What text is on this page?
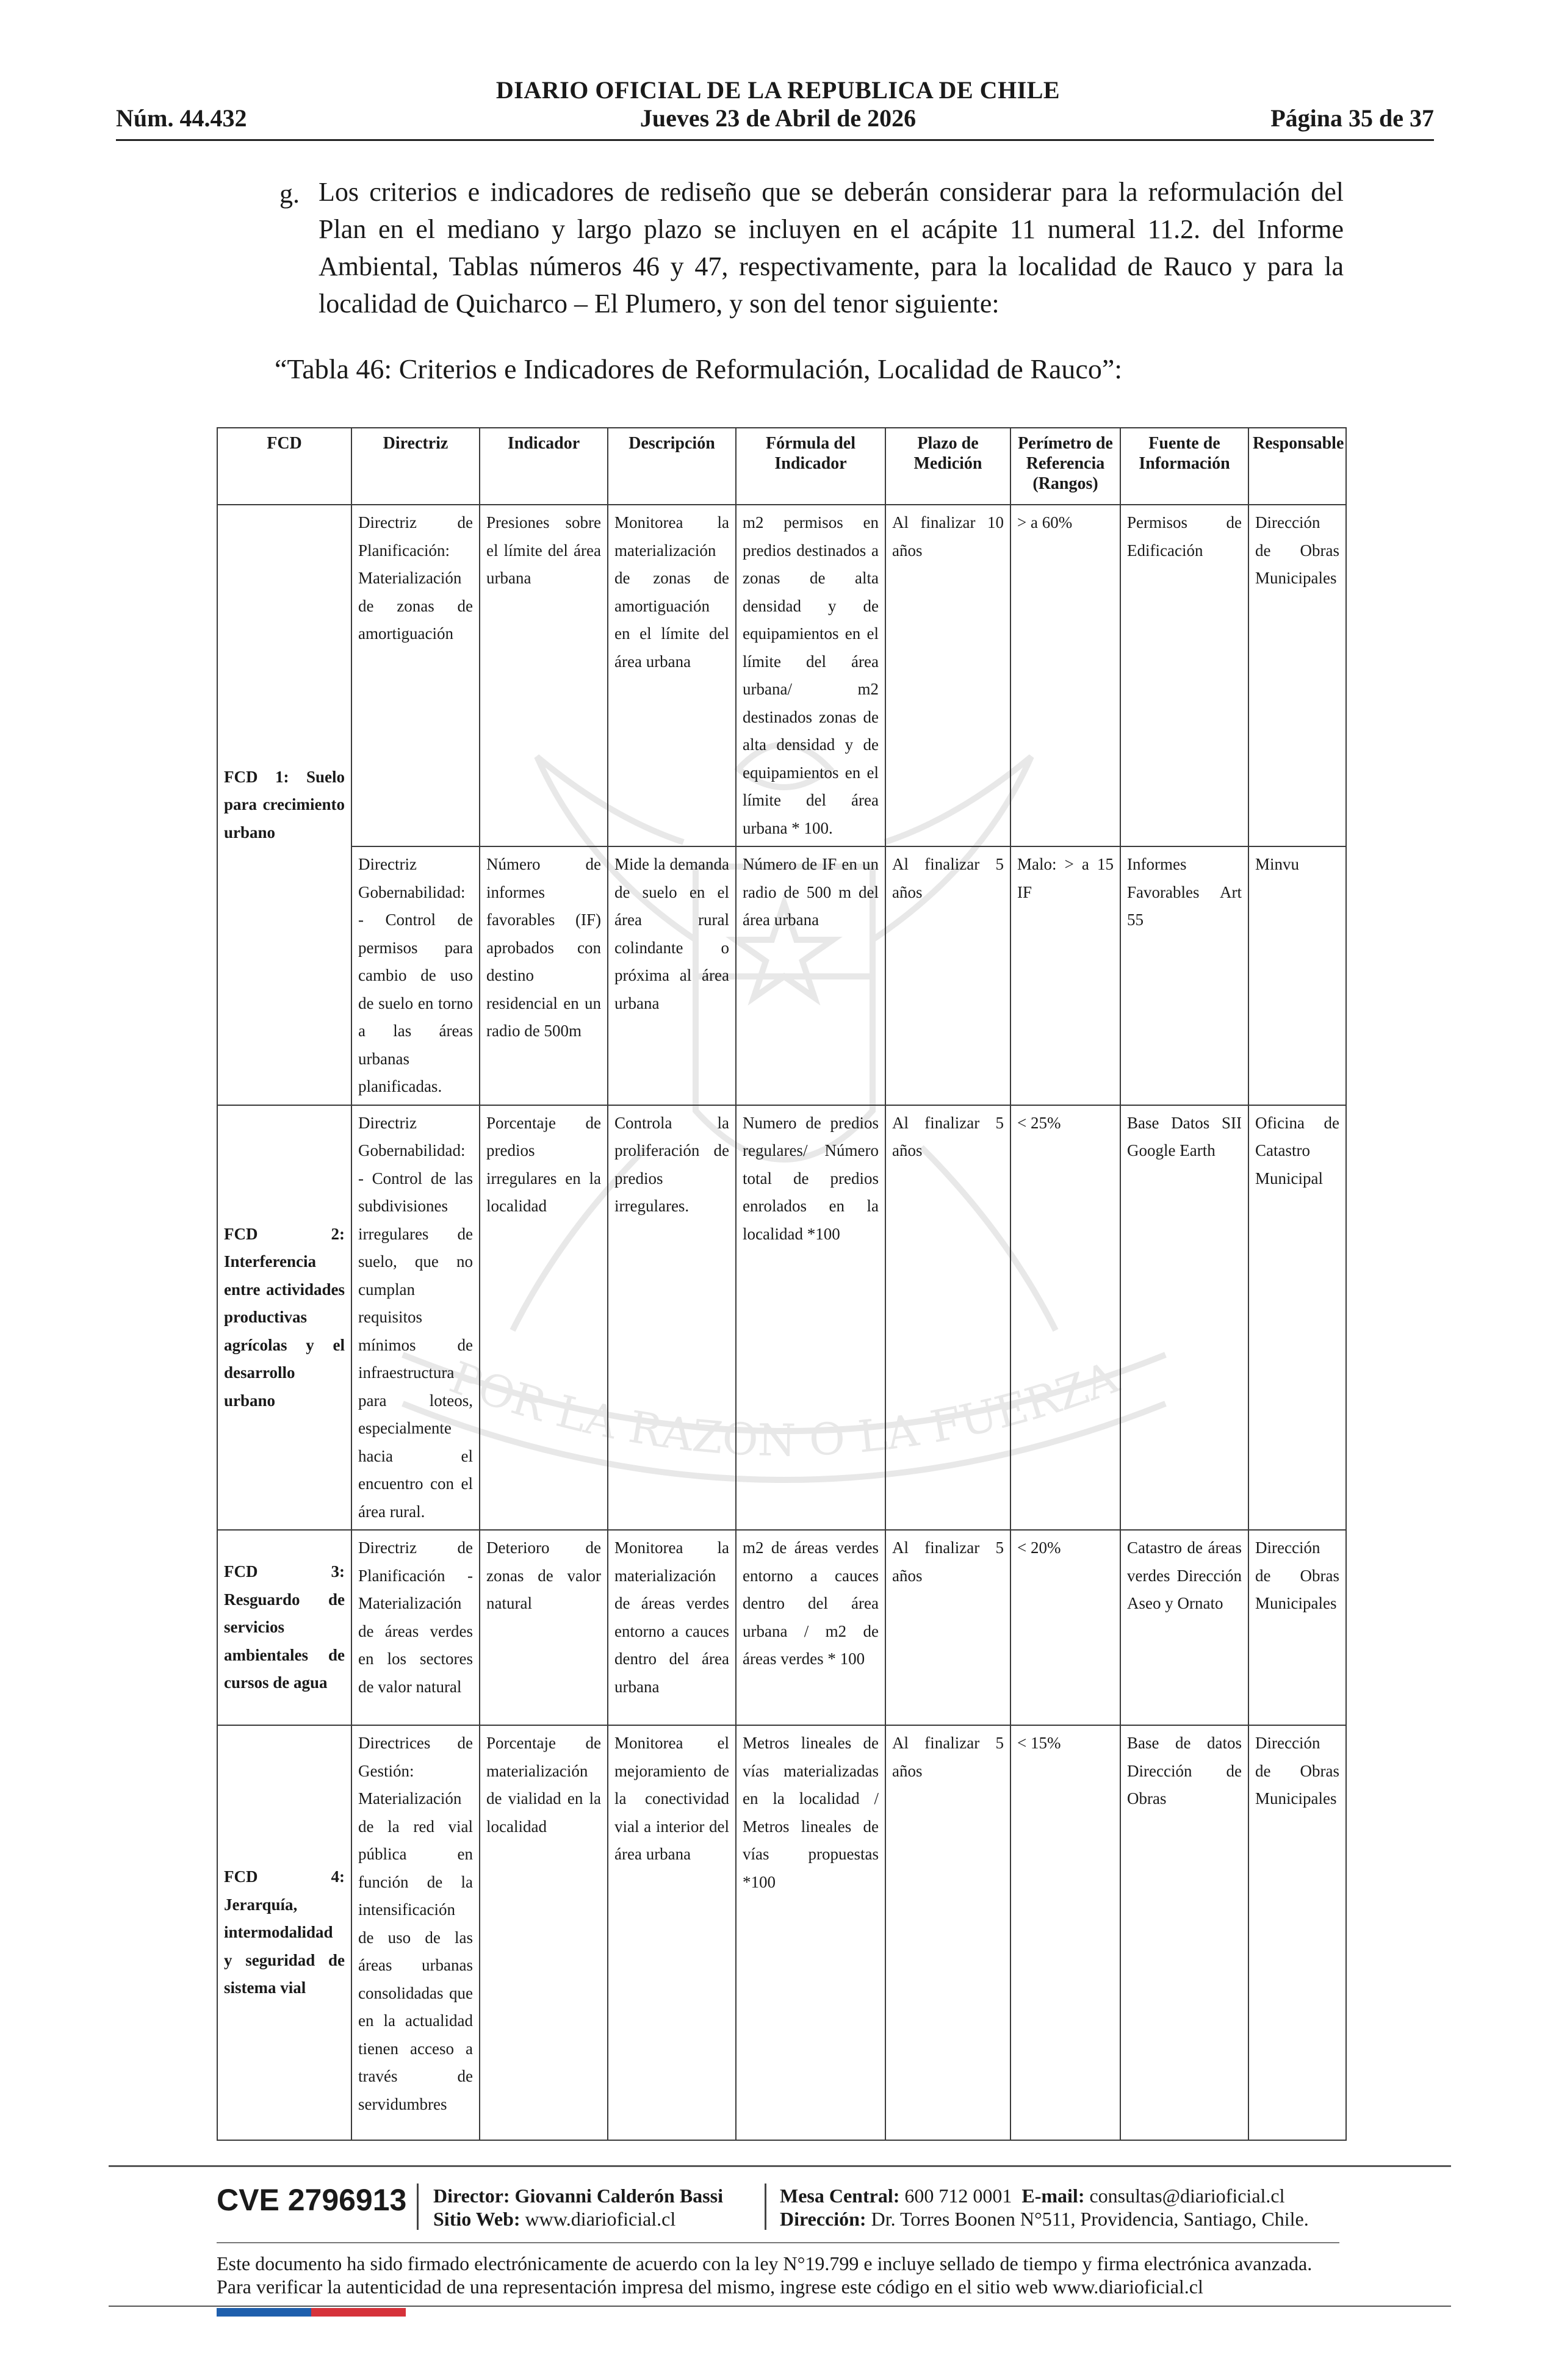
DIARIO OFICIAL DE LA REPUBLICA DE CHILE
Núm. 44.432	Jueves 23 de Abril de 2026	Página 35 de 37
g. Los criterios e indicadores de rediseño que se deberán considerar para la reformulación del Plan en el mediano y largo plazo se incluyen en el acápite 11 numeral 11.2. del Informe Ambiental, Tablas números 46 y 47, respectivamente, para la localidad de Rauco y para la localidad de Quicharco – El Plumero, y son del tenor siguiente:
“Tabla 46: Criterios e Indicadores de Reformulación, Localidad de Rauco”:
POR LA RAZON O LA FUERZA
FCD	Directriz	Indicador	Descripción	Fórmula del Indicador	Plazo de Medición	Perímetro de Referencia (Rangos)	Fuente de Información	Responsable
FCD 1: Suelo para crecimiento urbano	Directriz de Planificación: Materialización de zonas de amortiguación	Presiones sobre el límite del área urbana	Monitorea la materialización de zonas de amortiguación en el límite del área urbana	m2 permisos en predios destinados a zonas de alta densidad y de equipamientos en el límite del área urbana/ m2 destinados zonas de alta densidad y de equipamientos en el límite del área urbana * 100.	Al finalizar 10 años	> a 60%	Permisos de Edificación	Dirección de Obras Municipales
	Directriz Gobernabilidad: - Control de permisos para cambio de uso de suelo en torno a las áreas urbanas planificadas.	Número de informes favorables (IF) aprobados con destino residencial en un radio de 500m	Mide la demanda de suelo en el área rural colindante o próxima al área urbana	Número de IF en un radio de 500 m del área urbana	Al finalizar 5 años	Malo: > a 15 IF	Informes Favorables Art 55	Minvu
FCD 2: Interferencia entre actividades productivas agrícolas y el desarrollo urbano	Directriz Gobernabilidad: - Control de las subdivisiones irregulares de suelo, que no cumplan requisitos mínimos de infraestructura para loteos, especialmente hacia el encuentro con el área rural.	Porcentaje de predios irregulares en la localidad	Controla la proliferación de predios irregulares.	Numero de predios regulares/ Número total de predios enrolados en la localidad *100	Al finalizar 5 años	< 25%	Base Datos SII Google Earth	Oficina de Catastro Municipal
FCD 3: Resguardo de servicios ambientales de cursos de agua	Directriz de Planificación - Materialización de áreas verdes en los sectores de valor natural	Deterioro de zonas de valor natural	Monitorea la materialización de áreas verdes entorno a cauces dentro del área urbana	m2 de áreas verdes entorno a cauces dentro del área urbana / m2 de áreas verdes * 100	Al finalizar 5 años	< 20%	Catastro de áreas verdes Dirección Aseo y Ornato	Dirección de Obras Municipales
FCD 4: Jerarquía, intermodalidad y seguridad de sistema vial	Directrices de Gestión: Materialización de la red vial pública en función de la intensificación de uso de las áreas urbanas consolidadas que en la actualidad tienen acceso a través de servidumbres	Porcentaje de materialización de vialidad en la localidad	Monitorea el mejoramiento de la conectividad vial a interior del área urbana	Metros lineales de vías materializadas en la localidad / Metros lineales de vías propuestas *100	Al finalizar 5 años	< 15%	Base de datos Dirección de Obras	Dirección de Obras Municipales
CVE 2796913 Director: Giovanni Calderón Bassi
Sitio Web: www.diarioficial.cl
Mesa Central: 600 712 0001 E-mail: consultas@diarioficial.cl
Dirección: Dr. Torres Boonen N°511, Providencia, Santiago, Chile.
Este documento ha sido firmado electrónicamente de acuerdo con la ley N°19.799 e incluye sellado de tiempo y firma electrónica avanzada. Para verificar la autenticidad de una representación impresa del mismo, ingrese este código en el sitio web www.diarioficial.cl
